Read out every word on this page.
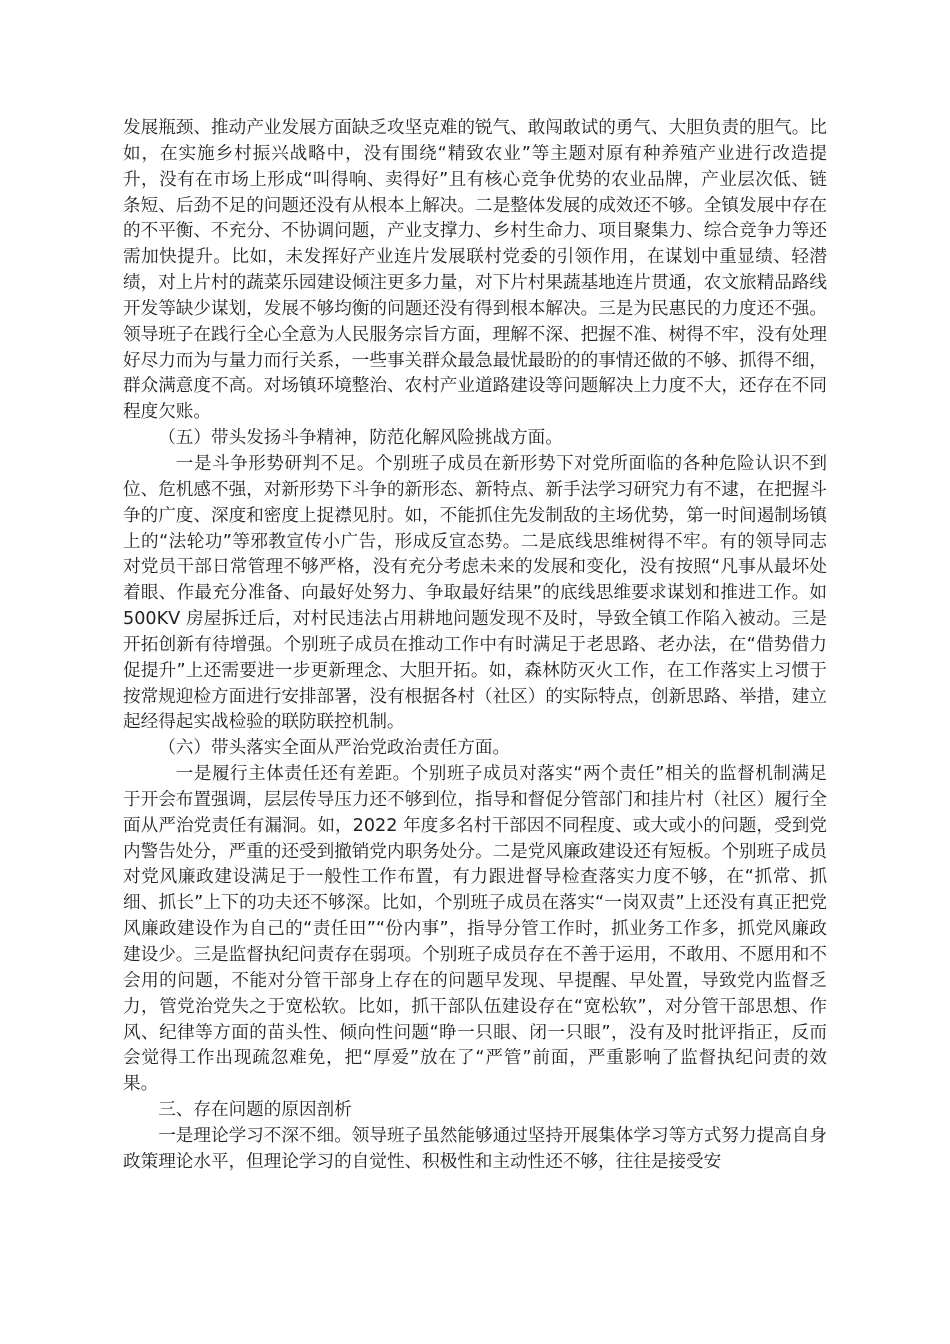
发展瓶颈、推动产业发展方面缺乏攻坚克难的锐气、敢闯敢试的勇气、大胆负责的胆气。比如，在实施乡村振兴战略中，没有围绕“精致农业”等主题对原有种养殖产业进行改造提升，没有在市场上形成“叫得响、卖得好”且有核心竞争优势的农业品牌，产业层次低、链条短、后劲不足的问题还没有从根本上解决。二是整体发展的成效还不够。全镇发展中存在的不平衡、不充分、不协调问题，产业支撑力、乡村生命力、项目聚集力、综合竞争力等还需加快提升。比如，未发挥好产业连片发展联村党委的引领作用，在谋划中重显绩、轻潜绩，对上片村的蔬菜乐园建设倾注更多力量，对下片村果蔬基地连片贯通，农文旅精品路线开发等缺少谋划，发展不够均衡的问题还没有得到根本解决。三是为民惠民的力度还不强。领导班子在践行全心全意为人民服务宗旨方面，理解不深、把握不准、树得不牢，没有处理好尽力而为与量力而行关系，一些事关群众最急最忧最盼的的事情还做的不够、抓得不细，群众满意度不高。对场镇环境整治、农村产业道路建设等问题解决上力度不大，还存在不同程度欠账。

（五）带头发扬斗争精神，防范化解风险挑战方面。

一是斗争形势研判不足。个别班子成员在新形势下对党所面临的各种危险认识不到位、危机感不强，对新形势下斗争的新形态、新特点、新手法学习研究力有不逮，在把握斗争的广度、深度和密度上捉襟见肘。如，不能抓住先发制敌的主场优势，第一时间遏制场镇上的“法轮功”等邪教宣传小广告，形成反宣态势。二是底线思维树得不牢。有的领导同志对党员干部日常管理不够严格，没有充分考虑未来的发展和变化，没有按照“凡事从最坏处着眼、作最充分准备、向最好处努力、争取最好结果”的底线思维要求谋划和推进工作。如 500KV 房屋拆迁后，对村民违法占用耕地问题发现不及时，导致全镇工作陷入被动。三是开拓创新有待增强。个别班子成员在推动工作中有时满足于老思路、老办法，在“借势借力促提升”上还需要进一步更新理念、大胆开拓。如，森林防灭火工作，在工作落实上习惯于按常规迎检方面进行安排部署，没有根据各村（社区）的实际特点，创新思路、举措，建立起经得起实战检验的联防联控机制。

（六）带头落实全面从严治党政治责任方面。

一是履行主体责任还有差距。个别班子成员对落实“两个责任”相关的监督机制满足于开会布置强调，层层传导压力还不够到位，指导和督促分管部门和挂片村（社区）履行全面从严治党责任有漏洞。如，2022 年度多名村干部因不同程度、或大或小的问题，受到党内警告处分，严重的还受到撤销党内职务处分。二是党风廉政建设还有短板。个别班子成员对党风廉政建设满足于一般性工作布置，有力跟进督导检查落实力度不够，在“抓常、抓细、抓长”上下的功夫还不够深。比如，个别班子成员在落实“一岗双责”上还没有真正把党风廉政建设作为自己的“责任田”“份内事”，指导分管工作时，抓业务工作多，抓党风廉政建设少。三是监督执纪问责存在弱项。个别班子成员存在不善于运用，不敢用、不愿用和不会用的问题，不能对分管干部身上存在的问题早发现、早提醒、早处置，导致党内监督乏力，管党治党失之于宽松软。比如，抓干部队伍建设存在“宽松软”，对分管干部思想、作风、纪律等方面的苗头性、倾向性问题“睁一只眼、闭一只眼”，没有及时批评指正，反而会觉得工作出现疏忽难免，把“厚爱”放在了“严管”前面，严重影响了监督执纪问责的效果。

三、存在问题的原因剖析

一是理论学习不深不细。领导班子虽然能够通过坚持开展集体学习等方式努力提高自身政策理论水平，但理论学习的自觉性、积极性和主动性还不够，往往是接受安
